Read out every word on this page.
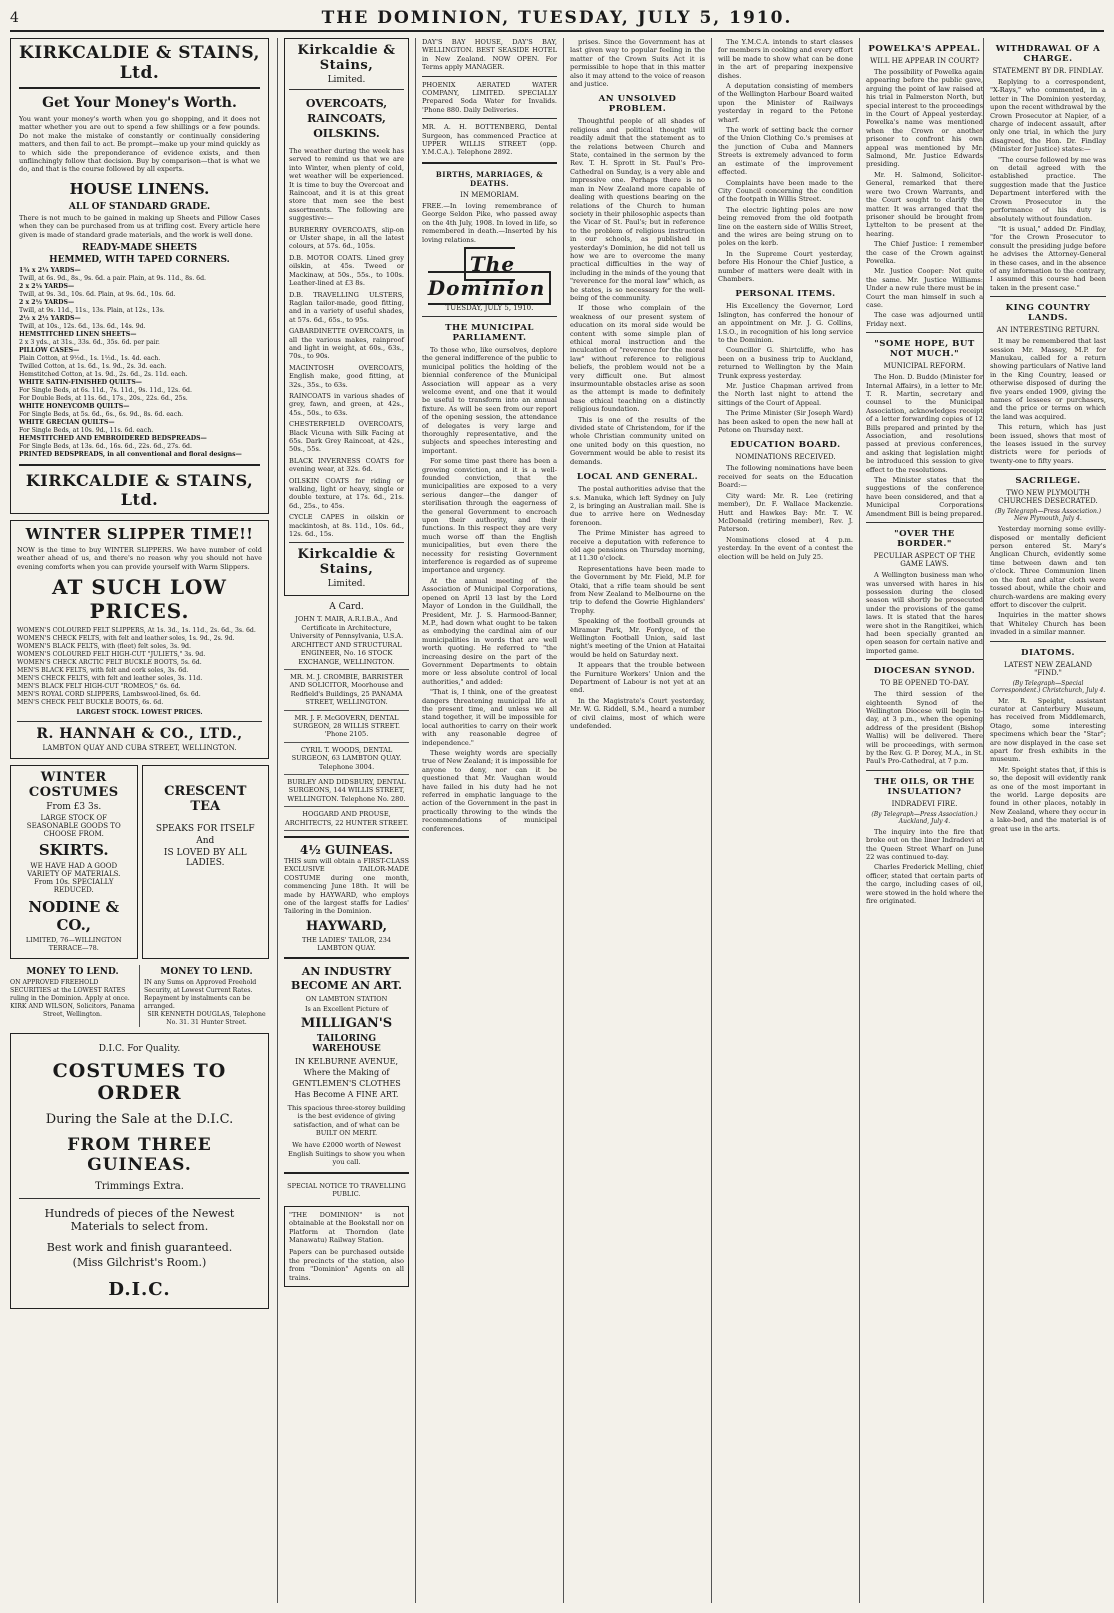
4	THE DOMINION, TUESDAY, JULY 5, 1910.
KIRKCALDIE & STAINS, Ltd.
Get Your Money's Worth.

You want your money's worth when you go shopping, and it does not matter whether you are out to spend a few shillings or a few pounds. Do not make the mistake of constantly or continually considering matters, and then fail to act. Be prompt—make up your mind quickly as to which side the preponderance of evidence exists, and then unflinchingly follow that decision. Buy by comparison—that is what we do, and that is the course followed by all experts.

HOUSE LINENS.
ALL OF STANDARD GRADE.

There is not much to be gained in making up Sheets and Pillow Cases when they can be purchased from us at trifling cost. Every article here given is made of standard grade materials, and the work is well done.

READY-MADE SHEETS
HEMMED, WITH TAPED CORNERS.
1¾ x 2¼ YARDS—
Twill, at 6s. 9d., 8s., 9s. 6d. a pair. Plain, at 9s. 11d., 8s. 6d.
2 x 2¼ YARDS—
Twill, at 9s. 3d., 10s. 6d. Plain, at 9s. 6d., 10s. 6d.
2 x 2½ YARDS—
Twill, at 9s. 11d., 11s., 13s. Plain, at 12s., 13s.
2½ x 2½ YARDS—
Twill, at 10s., 12s. 6d., 13s. 6d., 14s. 9d.
HEMSTITCHED LINEN SHEETS—
2 x 3 yds., at 31s., 33s. 6d., 35s. 6d. per pair.
PILLOW CASES—
Plain Cotton, at 9½d., 1s. 1½d., 1s. 4d. each.
Twilled Cotton, at 1s. 6d., 1s. 9d., 2s. 3d. each.
Hemstitched Cotton, at 1s. 9d., 2s. 6d., 2s. 11d. each.
WHITE SATIN-FINISHED QUILTS—
For Single Beds, at 6s. 11d., 7s. 11d., 9s. 11d., 12s. 6d.
For Double Beds, at 11s. 6d., 17s., 20s., 22s. 6d., 25s.
WHITE HONEYCOMB QUILTS—
For Single Beds, at 5s. 6d., 6s., 6s. 9d., 8s. 6d. each.
WHITE GRECIAN QUILTS—
For Single Beds, at 10s. 9d., 11s. 6d. each.
HEMSTITCHED AND EMBROIDERED BEDSPREADS—
For Single Beds, at 13s. 6d., 16s. 6d., 22s. 6d., 27s. 6d.
PRINTED BEDSPREADS, in all conventional and floral designs—
KIRKCALDIE & STAINS, Ltd.
WINTER SLIPPER TIME!!

NOW is the time to buy WINTER SLIPPERS. We have number of cold weather ahead of us, and there's no reason why you should not have evening comforts when you can provide yourself with Warm Slippers.

AT SUCH LOW PRICES.
WOMEN'S COLOURED FELT SLIPPERS, At 1s. 3d., 1s. 11d., 2s. 6d., 3s. 6d.
WOMEN'S CHECK FELTS, with felt and leather soles, 1s. 9d., 2s. 9d.
WOMEN'S BLACK FELTS, with (fleet) felt soles, 3s. 9d.
WOMEN'S COLOURED FELT HIGH-CUT "JULIETS," 3s. 9d.
WOMEN'S CHECK ARCTIC FELT BUCKLE BOOTS, 5s. 6d.
MEN'S BLACK FELTS, with felt and cork soles, 3s. 6d.
MEN'S CHECK FELTS, with felt and leather soles, 3s. 11d.
MEN'S BLACK FELT HIGH-CUT "ROMEOS," 6s. 6d.
MEN'S ROYAL CORD SLIPPERS, Lambswool-lined, 6s. 6d.
MEN'S CHECK FELT BUCKLE BOOTS, 6s. 6d.
LARGEST STOCK. LOWEST PRICES.
R. HANNAH & CO., LTD.,
LAMBTON QUAY AND CUBA STREET, WELLINGTON.
WINTER COSTUMES
From £3 3s.
LARGE STOCK OF SEASONABLE GOODS TO CHOOSE FROM.
SKIRTS.
WE HAVE HAD A GOOD VARIETY OF MATERIALS. From 10s. SPECIALLY REDUCED.
NODINE & CO.,
LIMITED, 76—WILLINGTON TERRACE—78.
CRESCENT TEA
SPEAKS FOR ITSELF
And
IS LOVED BY ALL LADIES.
MONEY TO LEND.

ON APPROVED FREEHOLD SECURITIES at the LOWEST RATES ruling in the Dominion. Apply at once.

KIRK AND WILSON, Solicitors, Panama Street, Wellington.

MONEY TO LEND.

IN any Sums on Approved Freehold Security, at Lowest Current Rates. Repayment by instalments can be arranged.

SIR KENNETH DOUGLAS, Telephone No. 31. 31 Hunter Street.

D.I.C. For Quality.
COSTUMES TO ORDER
During the Sale at the D.I.C.
FROM THREE GUINEAS.
Trimmings Extra.
Hundreds of pieces of the Newest Materials to select from.
Best work and finish guaranteed.
(Miss Gilchrist's Room.)
D.I.C.
Kirkcaldie & Stains,
Limited.
OVERCOATS, RAINCOATS, OILSKINS.

The weather during the week has served to remind us that we are into Winter, when plenty of cold, wet weather will be experienced. It is time to buy the Overcoat and Raincoat, and it is at this great store that men see the best assortments. The following are suggestive:—

BURBERRY OVERCOATS, slip-on or Ulster shape, in all the latest colours, at 57s. 6d., 105s.

D.B. MOTOR COATS. Lined grey oilskin, at 45s. Tweed or Mackinaw, at 50s., 55s., to 100s. Leather-lined at £3 8s.

D.B. TRAVELLING ULSTERS, Raglan tailor-made, good fitting, and in a variety of useful shades, at 57s. 6d., 65s., to 95s.

GABARDINETTE OVERCOATS, in all the various makes, rainproof and light in weight, at 60s., 63s., 70s., to 90s.

MACINTOSH OVERCOATS, English make, good fitting, at 32s., 35s., to 63s.

RAINCOATS in various shades of grey, fawn, and green, at 42s., 45s., 50s., to 63s.

CHESTERFIELD OVERCOATS, Black Vicuna with Silk Facing at 65s. Dark Grey Raincoat, at 42s., 50s., 55s.

BLACK INVERNESS COATS for evening wear, at 32s. 6d.

OILSKIN COATS for riding or walking, light or heavy, single or double texture, at 17s. 6d., 21s. 6d., 25s., to 45s.

CYCLE CAPES in oilskin or mackintosh, at 8s. 11d., 10s. 6d., 12s. 6d., 15s.

Kirkcaldie & Stains,
Limited.
A Card.

JOHN T. MAIR, A.R.I.B.A., And Certificate in Architecture, University of Pennsylvania, U.S.A. ARCHITECT AND STRUCTURAL ENGINEER, No. 16 STOCK EXCHANGE, WELLINGTON.

MR. M. J. CROMBIE, BARRISTER AND SOLICITOR, Moorhouse and Redfield's Buildings, 25 PANAMA STREET, WELLINGTON.

MR. J. F. McGOVERN, DENTAL SURGEON, 28 WILLIS STREET. 'Phone 2105.

CYRIL T. WOODS, DENTAL SURGEON, 63 LAMBTON QUAY. Telephone 3004.

BURLEY AND DIDSBURY, DENTAL SURGEONS, 144 WILLIS STREET, WELLINGTON. Telephone No. 280.

HOGGARD AND PROUSE, ARCHITECTS, 22 HUNTER STREET.

4½ GUINEAS.

THIS sum will obtain a FIRST-CLASS EXCLUSIVE TAILOR-MADE COSTUME during one month, commencing June 18th. It will be made by HAYWARD, who employs one of the largest staffs for Ladies' Tailoring in the Dominion.

HAYWARD,
THE LADIES' TAILOR, 234 LAMBTON QUAY.
AN INDUSTRY BECOME AN ART.
ON LAMBTON STATION
Is an Excellent Picture of
MILLIGAN'S
TAILORING WAREHOUSE
IN KELBURNE AVENUE, Where the Making of GENTLEMEN'S CLOTHES Has Become A FINE ART.

This spacious three-storey building is the best evidence of giving satisfaction, and of what can be BUILT ON MERIT.

We have £2000 worth of Newest English Suitings to show you when you call.

SPECIAL NOTICE TO TRAVELLING PUBLIC.

"THE DOMINION" is not obtainable at the Bookstall nor on Platform at Thorndon (late Manawatu) Railway Station.

Papers can be purchased outside the precincts of the station, also from "Dominion" Agents on all trains.

DAY'S BAY HOUSE, DAY'S BAY, WELLINGTON. BEST SEASIDE HOTEL in New Zealand. NOW OPEN. For Terms apply MANAGER.

PHOENIX AERATED WATER COMPANY, LIMITED. SPECIALLY Prepared Soda Water for Invalids. 'Phone 880. Daily Deliveries.

MR. A. H. BOTTENBERG, Dental Surgeon, has commenced Practice at UPPER WILLIS STREET (opp. Y.M.C.A.). Telephone 2892.

BIRTHS, MARRIAGES, & DEATHS.
IN MEMORIAM.

FREE.—In loving remembrance of George Seldon Pike, who passed away on the 4th July, 1908. In loved in life, so remembered in death.—Inserted by his loving relations.

The Dominion
TUESDAY, JULY 5, 1910.
THE MUNICIPAL PARLIAMENT.

To those who, like ourselves, deplore the general indifference of the public to municipal politics the holding of the biennial conference of the Municipal Association will appear as a very welcome event, and one that it would be useful to transform into an annual fixture. As will be seen from our report of the opening session, the attendance of delegates is very large and thoroughly representative, and the subjects and speeches interesting and important.

For some time past there has been a growing conviction, and it is a well-founded conviction, that the municipalities are exposed to a very serious danger—the danger of sterilisation through the eagerness of the general Government to encroach upon their authority, and their functions. In this respect they are very much worse off than the English municipalities, but even there the necessity for resisting Government interference is regarded as of supreme importance and urgency.

At the annual meeting of the Association of Municipal Corporations, opened on April 13 last by the Lord Mayor of London in the Guildhall, the President, Mr. J. S. Harmood-Banner, M.P., had down what ought to be taken as embodying the cardinal aim of our municipalities in words that are well worth quoting. He referred to "the increasing desire on the part of the Government Departments to obtain more or less absolute control of local authorities," and added:

"That is, I think, one of the greatest dangers threatening municipal life at the present time, and unless we all stand together, it will be impossible for local authorities to carry on their work with any reasonable degree of independence."

These weighty words are specially true of New Zealand; it is impossible for anyone to deny, nor can it be questioned that Mr. Vaughan would have failed in his duty had he not referred in emphatic language to the action of the Government in the past in practically throwing to the winds the recommendations of municipal conferences.

prises. Since the Government has at last given way to popular feeling in the matter of the Crown Suits Act it is permissible to hope that in this matter also it may attend to the voice of reason and justice.

AN UNSOLVED PROBLEM.

Thoughtful people of all shades of religious and political thought will readily admit that the statement as to the relations between Church and State, contained in the sermon by the Rev. T. H. Sprott in St. Paul's Pro-Cathedral on Sunday, is a very able and impressive one. Perhaps there is no man in New Zealand more capable of dealing with questions bearing on the relations of the Church to human society in their philosophic aspects than the Vicar of St. Paul's; but in reference to the problem of religious instruction in our schools, as published in yesterday's Dominion, he did not tell us how we are to overcome the many practical difficulties in the way of including in the minds of the young that "reverence for the moral law" which, as he states, is so necessary for the well-being of the community.

If those who complain of the weakness of our present system of education on its moral side would be content with some simple plan of ethical moral instruction and the inculcation of "reverence for the moral law" without reference to religious beliefs, the problem would not be a very difficult one. But almost insurmountable obstacles arise as soon as the attempt is made to definitely base ethical teaching on a distinctly religious foundation.

This is one of the results of the divided state of Christendom, for if the whole Christian community united on one united body on this question, no Government would be able to resist its demands.

LOCAL AND GENERAL.

The postal authorities advise that the s.s. Manuka, which left Sydney on July 2, is bringing an Australian mail. She is due to arrive here on Wednesday forenoon.

The Prime Minister has agreed to receive a deputation with reference to old age pensions on Thursday morning, at 11.30 o'clock.

Representations have been made to the Government by Mr. Field, M.P. for Otaki, that a rifle team should be sent from New Zealand to Melbourne on the trip to defend the Gowrie Highlanders' Trophy.

Speaking of the football grounds at Miramar Park, Mr. Fordyce, of the Wellington Football Union, said last night's meeting of the Union at Hataitai would be held on Saturday next.

It appears that the trouble between the Furniture Workers' Union and the Department of Labour is not yet at an end.

In the Magistrate's Court yesterday, Mr. W. G. Riddell, S.M., heard a number of civil claims, most of which were undefended.

The Y.M.C.A. intends to start classes for members in cooking and every effort will be made to show what can be done in the art of preparing inexpensive dishes.

A deputation consisting of members of the Wellington Harbour Board waited upon the Minister of Railways yesterday in regard to the Petone wharf.

The work of setting back the corner of the Union Clothing Co.'s premises at the junction of Cuba and Manners Streets is extremely advanced to form an estimate of the improvement effected.

Complaints have been made to the City Council concerning the condition of the footpath in Willis Street.

The electric lighting poles are now being removed from the old footpath line on the eastern side of Willis Street, and the wires are being strung on to poles on the kerb.

In the Supreme Court yesterday, before His Honour the Chief Justice, a number of matters were dealt with in Chambers.

PERSONAL ITEMS.

His Excellency the Governor, Lord Islington, has conferred the honour of an appointment on Mr. J. G. Collins, I.S.O., in recognition of his long service to the Dominion.

Councillor G. Shirtcliffe, who has been on a business trip to Auckland, returned to Wellington by the Main Trunk express yesterday.

Mr. Justice Chapman arrived from the North last night to attend the sittings of the Court of Appeal.

The Prime Minister (Sir Joseph Ward) has been asked to open the new hall at Petone on Thursday next.

EDUCATION BOARD.
NOMINATIONS RECEIVED.

The following nominations have been received for seats on the Education Board:—

City ward: Mr. R. Lee (retiring member), Dr. F. Wallace Mackenzie. Hutt and Hawkes Bay: Mr. T. W. McDonald (retiring member), Rev. J. Paterson.

Nominations closed at 4 p.m. yesterday. In the event of a contest the election will be held on July 25.

POWELKA'S APPEAL.
WILL HE APPEAR IN COURT?

The possibility of Powelka again appearing before the public gave, arguing the point of law raised at his trial in Palmerston North, but special interest to the proceedings in the Court of Appeal yesterday. Powelka's name was mentioned when the Crown or another prisoner to confront his own appeal was mentioned by Mr. Salmond, Mr. Justice Edwards presiding.

Mr. H. Salmond, Solicitor-General, remarked that there were two Crown Warrants, and the Court sought to clarify the matter. It was arranged that the prisoner should be brought from Lyttelton to be present at the hearing.

The Chief Justice: I remember the case of the Crown against Powelka.

Mr. Justice Cooper: Not quite the same. Mr. Justice Williams: Under a new rule there must be in Court the man himself in such a case.

The case was adjourned until Friday next.

"SOME HOPE, BUT NOT MUCH."
MUNICIPAL REFORM.

The Hon. D. Buddo (Minister for Internal Affairs), in a letter to Mr. T. R. Martin, secretary and counsel to the Municipal Association, acknowledges receipt of a letter forwarding copies of 12 Bills prepared and printed by the Association, and resolutions passed at previous conferences, and asking that legislation might be introduced this session to give effect to the resolutions.

The Minister states that the suggestions of the conference have been considered, and that a Municipal Corporations Amendment Bill is being prepared.

"OVER THE BORDER."
PECULIAR ASPECT OF THE GAME LAWS.

A Wellington business man who was unversed with hares in his possession during the closed season will shortly be prosecuted under the provisions of the game laws. It is stated that the hares were shot in the Rangitikei, which had been specially granted an open season for certain native and imported game.

DIOCESAN SYNOD.
TO BE OPENED TO-DAY.

The third session of the eighteenth Synod of the Wellington Diocese will begin to-day, at 3 p.m., when the opening address of the president (Bishop Wallis) will be delivered. There will be proceedings, with sermon by the Rev. G. P. Dorey, M.A., in St. Paul's Pro-Cathedral, at 7 p.m.

THE OILS, OR THE INSULATION?
INDRADEVI FIRE.
(By Telegraph—Press Association.) Auckland, July 4.

The inquiry into the fire that broke out on the liner Indradevi at the Queen Street Wharf on June 22 was continued to-day.

Charles Frederick Melling, chief officer, stated that certain parts of the cargo, including cases of oil, were stowed in the hold where the fire originated.

WITHDRAWAL OF A CHARGE.
STATEMENT BY DR. FINDLAY.

Replying to a correspondent, "X-Rays," who commented, in a letter in The Dominion yesterday, upon the recent withdrawal by the Crown Prosecutor at Napier, of a charge of indecent assault, after only one trial, in which the jury disagreed, the Hon. Dr. Findlay (Minister for Justice) states:—

"The course followed by me was on detail agreed with the established practice. The suggestion made that the Justice Department interfered with the Crown Prosecutor in the performance of his duty is absolutely without foundation.

"It is usual," added Dr. Findlay, "for the Crown Prosecutor to consult the presiding judge before he advises the Attorney-General in these cases, and in the absence of any information to the contrary, I assumed this course had been taken in the present case."

KING COUNTRY LANDS.
AN INTERESTING RETURN.

It may be remembered that last session Mr. Massey, M.P. for Manukau, called for a return showing particulars of Native land in the King Country, leased or otherwise disposed of during the five years ended 1909, giving the names of lessees or purchasers, and the price or terms on which the land was acquired.

This return, which has just been issued, shows that most of the leases issued in the survey districts were for periods of twenty-one to fifty years.

SACRILEGE.
TWO NEW PLYMOUTH CHURCHES DESECRATED.
(By Telegraph—Press Association.) New Plymouth, July 4.

Yesterday morning some evilly-disposed or mentally deficient person entered St. Mary's Anglican Church, evidently some time between dawn and ten o'clock. Three Communion linen on the font and altar cloth were tossed about, while the choir and church-wardens are making every effort to discover the culprit.

Inquiries in the matter shows that Whiteley Church has been invaded in a similar manner.

DIATOMS.
LATEST NEW ZEALAND "FIND."
(By Telegraph—Special Correspondent.) Christchurch, July 4.

Mr. R. Speight, assistant curator at Canterbury Museum, has received from Middlemarch, Otago, some interesting specimens which bear the "Star"; are now displayed in the case set apart for fresh exhibits in the museum.

Mr. Speight states that, if this is so, the deposit will evidently rank as one of the most important in the world. Large deposits are found in other places, notably in New Zealand, where they occur in a lake-bed, and the material is of great use in the arts.
